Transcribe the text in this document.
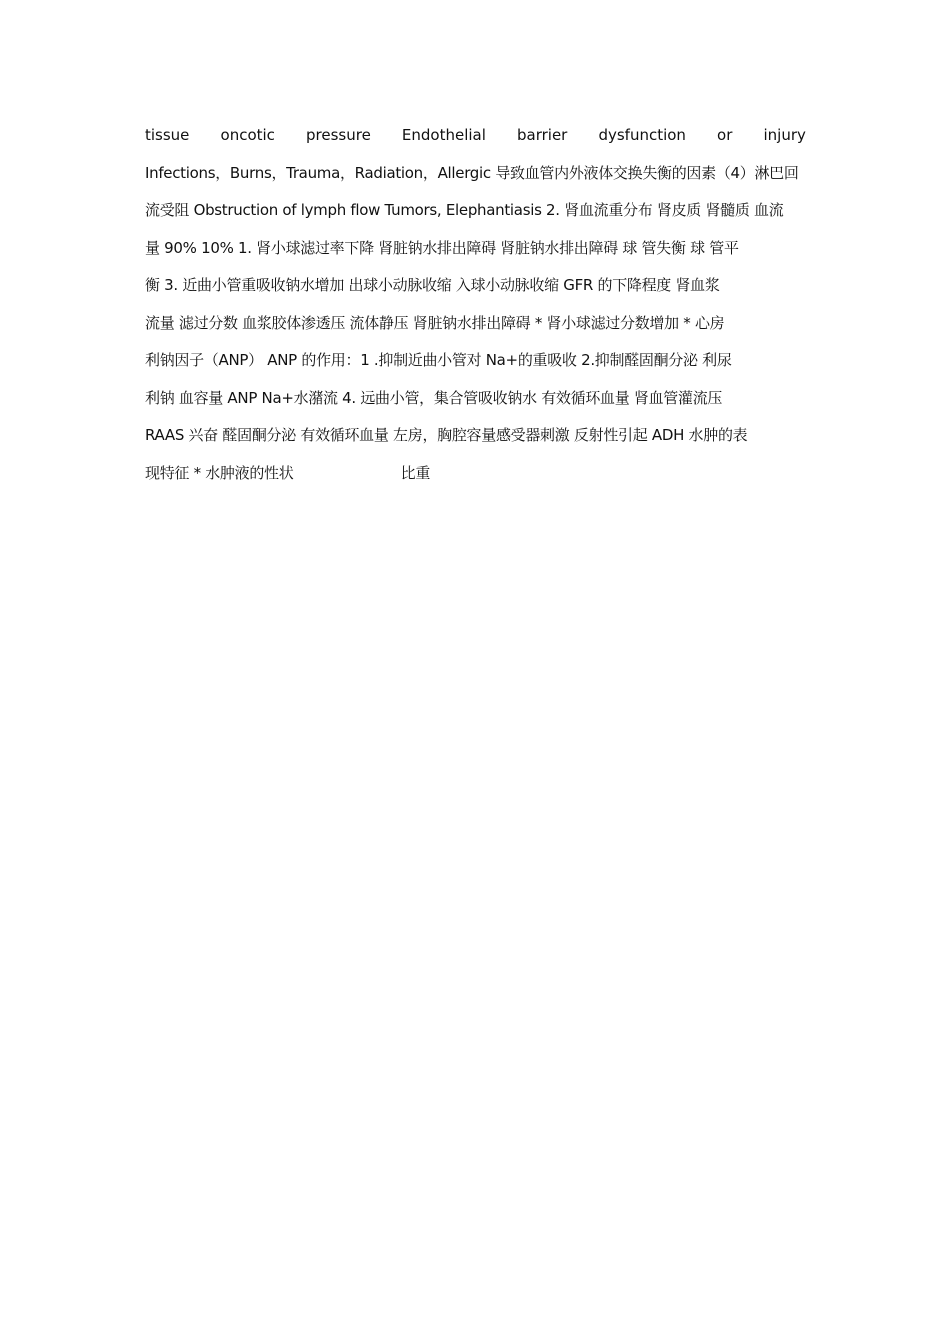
tissue oncotic pressure Endothelial barrier dysfunction or injury
Infections，Burns，Trauma，Radiation，Allergic 导致血管内外液体交换失衡的因素（4）淋巴回
流受阻 Obstruction of lymph flow Tumors, Elephantiasis 2. 肾血流重分布 肾皮质 肾髓质 血流
量 90% 10% 1. 肾小球滤过率下降 肾脏钠水排出障碍 肾脏钠水排出障碍 球 管失衡 球 管平
衡 3. 近曲小管重吸收钠水增加 出球小动脉收缩 入球小动脉收缩 GFR 的下降程度 肾血浆
流量 滤过分数 血浆胶体渗透压 流体静压 肾脏钠水排出障碍 * 肾小球滤过分数增加 * 心房
利钠因子（ANP） ANP 的作用：1 .抑制近曲小管对 Na+的重吸收 2.抑制醛固酮分泌 利尿
利钠 血容量 ANP Na+水潴流 4. 远曲小管，集合管吸收钠水 有效循环血量 肾血管灌流压
RAAS 兴奋 醛固酮分泌 有效循环血量 左房，胸腔容量感受器刺激 反射性引起 ADH 水肿的表
现特征 * 水肿液的性状                        比重
